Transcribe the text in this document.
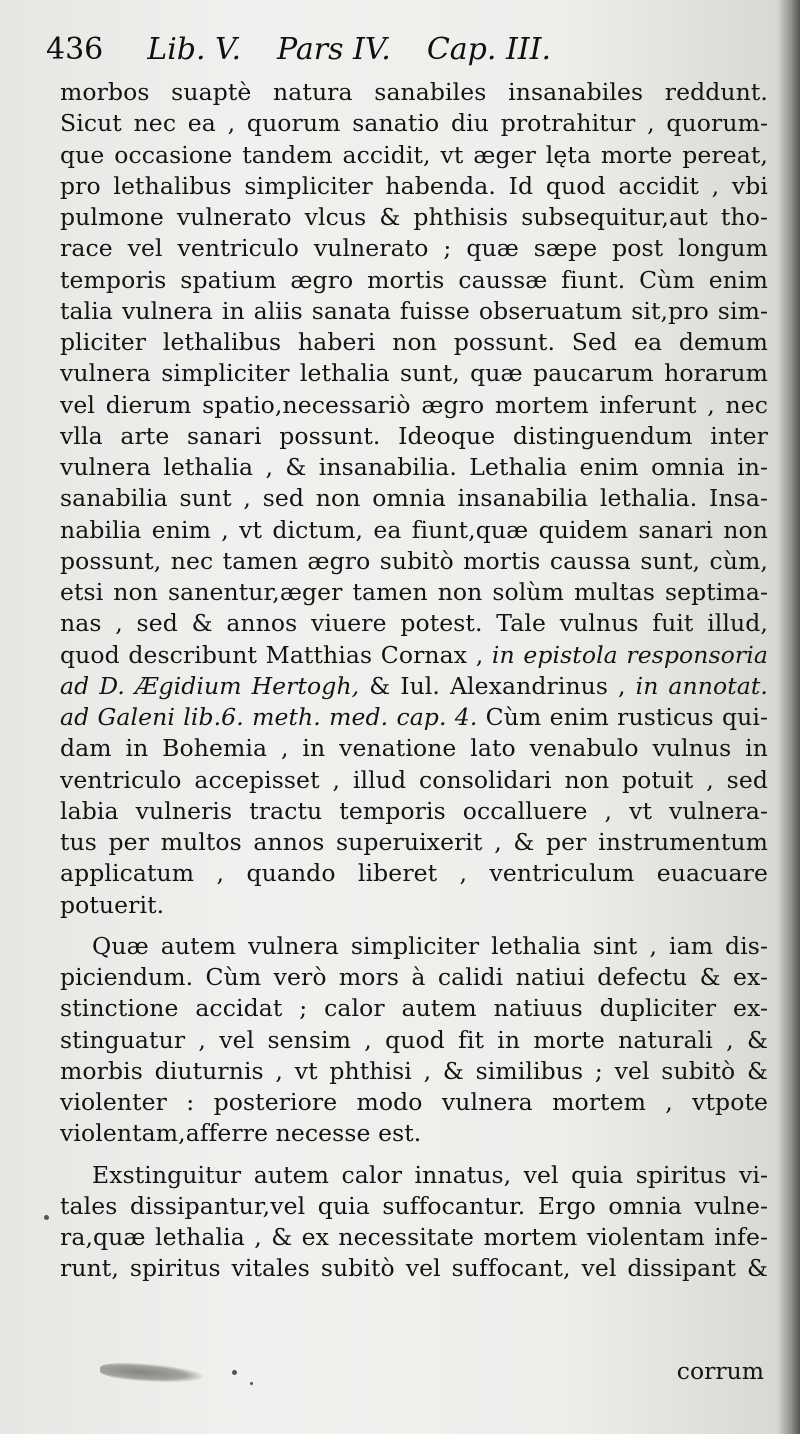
436 Lib. V. Pars IV. Cap. III.
morbos suaptè natura sanabiles insanabiles reddunt.
Sicut nec ea , quorum sanatio diu protrahitur , quorum-
que occasione tandem accidit, vt æger lęta morte pereat,
pro lethalibus simpliciter habenda. Id quod accidit , vbi
pulmone vulnerato vlcus & phthisis subsequitur,aut tho-
race vel ventriculo vulnerato ; quæ sæpe post longum
temporis spatium ægro mortis caussæ fiunt. Cùm enim
talia vulnera in aliis sanata fuisse obseruatum sit,pro sim-
pliciter lethalibus haberi non possunt. Sed ea demum
vulnera simpliciter lethalia sunt, quæ paucarum horarum
vel dierum spatio,necessariò ægro mortem inferunt , nec
vlla arte sanari possunt. Ideoque distinguendum inter
vulnera lethalia , & insanabilia. Lethalia enim omnia in-
sanabilia sunt , sed non omnia insanabilia lethalia. Insa-
nabilia enim , vt dictum, ea fiunt,quæ quidem sanari non
possunt, nec tamen ægro subitò mortis caussa sunt, cùm,
etsi non sanentur,æger tamen non solùm multas septima-
nas , sed & annos viuere potest. Tale vulnus fuit illud,
quod describunt Matthias Cornax , in epistola responsoria
ad D. Ægidium Hertogh, & Iul. Alexandrinus , in annotat.
ad Galeni lib.6. meth. med. cap. 4. Cùm enim rusticus qui-
dam in Bohemia , in venatione lato venabulo vulnus in
ventriculo accepisset , illud consolidari non potuit , sed
labia vulneris tractu temporis occalluere , vt vulnera-
tus per multos annos superuixerit , & per instrumentum
applicatum , quando liberet , ventriculum euacuare
potuerit.
Quæ autem vulnera simpliciter lethalia sint , iam dis-
piciendum. Cùm verò mors à calidi natiui defectu & ex-
stinctione accidat ; calor autem natiuus dupliciter ex-
stinguatur , vel sensim , quod fit in morte naturali , &
morbis diuturnis , vt phthisi , & similibus ; vel subitò &
violenter : posteriore modo vulnera mortem , vtpote
violentam,afferre necesse est.
Exstinguitur autem calor innatus, vel quia spiritus vi-
tales dissipantur,vel quia suffocantur. Ergo omnia vulne-
ra,quæ lethalia , & ex necessitate mortem violentam infe-
runt, spiritus vitales subitò vel suffocant, vel dissipant &
corrum
